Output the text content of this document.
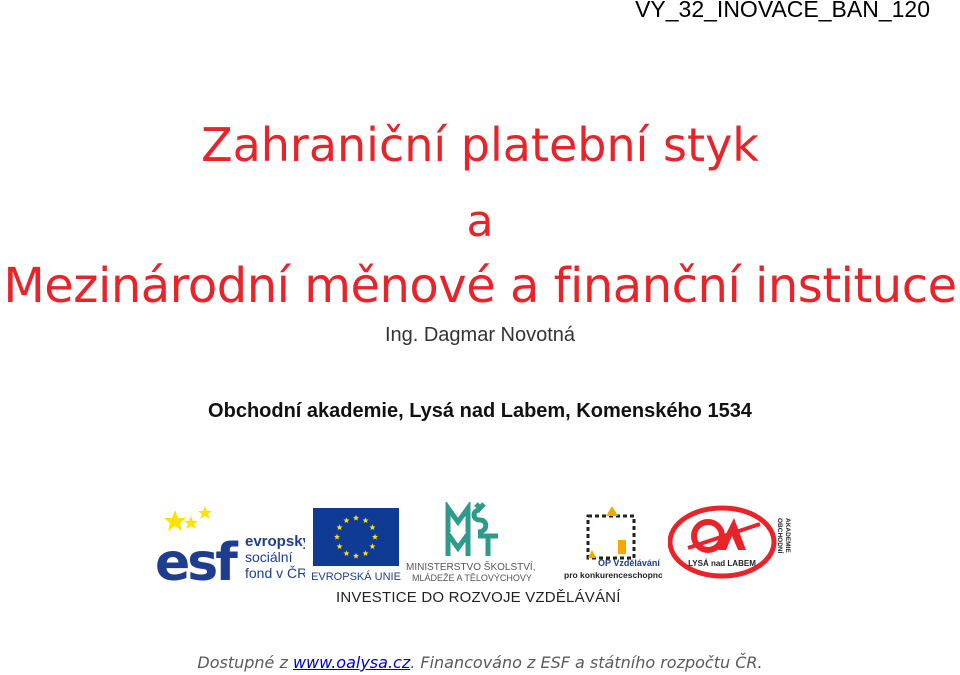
VY_32_INOVACE_BAN_120
Zahraniční platební styk
a
Mezinárodní měnové a finanční instituce
Ing. Dagmar Novotná
Obchodní akademie, Lysá nad Labem, Komenského 1534
esf evropský
sociální
fond v ČR EVROPSKÁ UNIE
MINISTERSTVO ŠKOLSTVÍ,
MLÁDEŽE A TĚLOVÝCHOVY
OP Vzdělávání
pro konkurenceschopnost
LYSÁ nad LABEM
OBCHODNÍ AKADEMIE
INVESTICE DO ROZVOJE VZDĚLÁVÁNÍ
Dostupné z www.oalysa.cz. Financováno z ESF a státního rozpočtu ČR.
